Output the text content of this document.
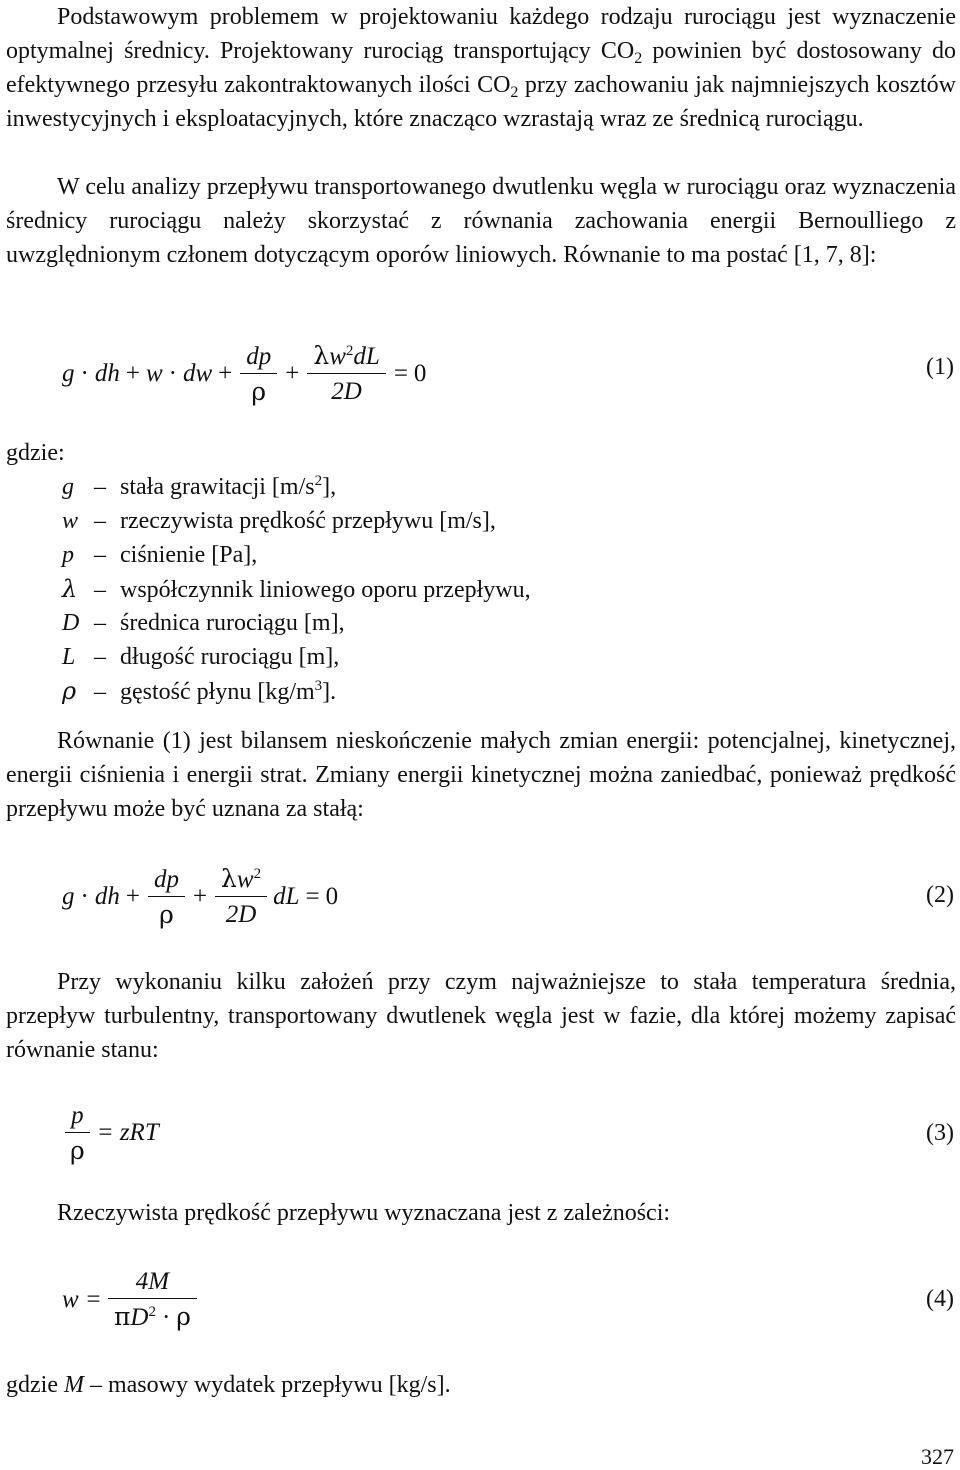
Podstawowym problemem w projektowaniu każdego rodzaju rurociągu jest wyznaczenie optymalnej średnicy. Projektowany rurociąg transportujący $CO_2$ powinien być dostosowany do efektywnego przesyłu zakontraktowanych ilości $CO_2$ przy zachowaniu jak najmniejszych kosztów inwestycyjnych i eksploatacyjnych, które znacząco wzrastają wraz ze średnicą rurociągu.

W celu analizy przepływu transportowanego dwutlenku węgla w rurociągu oraz wyznaczenia średnicy rurociągu należy skorzystać z równania zachowania energii Bernoulliego z uwzględnionym członem dotyczącym oporów liniowych. Równanie to ma postać [1, 7, 8]:

g · dh + w · dw + $\frac{dp}{\rho} + \frac{\lambda w^2dL}{2D} = 0$	(1)
gdzie:
g – stała grawitacji $[m/s^2]$,
w – rzeczywista prędkość przepływu [m/s],
p – ciśnienie [Pa],
λ – współczynnik liniowego oporu przepływu,
D – średnica rurociągu [m],
L – długość rurociągu [m],
ρ – gęstość płynu $[kg/m^3]$.

Równanie (1) jest bilansem nieskończenie małych zmian energii: potencjalnej, kinetycznej, energii ciśnienia i energii strat. Zmiany energii kinetycznej można zaniedbać, ponieważ prędkość przepływu może być uznana za stałą:

g · dh + $\frac{dp}{\rho} + \frac{\lambda w^2}{2D}$ dL = 0	(2)

Przy wykonaniu kilku założeń przy czym najważniejsze to stała temperatura średnia, przepływ turbulentny, transportowany dwutlenek węgla jest w fazie, dla której możemy zapisać równanie stanu:

$\frac{p}{\rho}$ = zRT	(3)

Rzeczywista prędkość przepływu wyznaczana jest z zależności:

$w = \frac{4M}{\pi D^2 \cdot \rho}$	(4)

gdzie M – masowy wydatek przepływu [kg/s].

327
